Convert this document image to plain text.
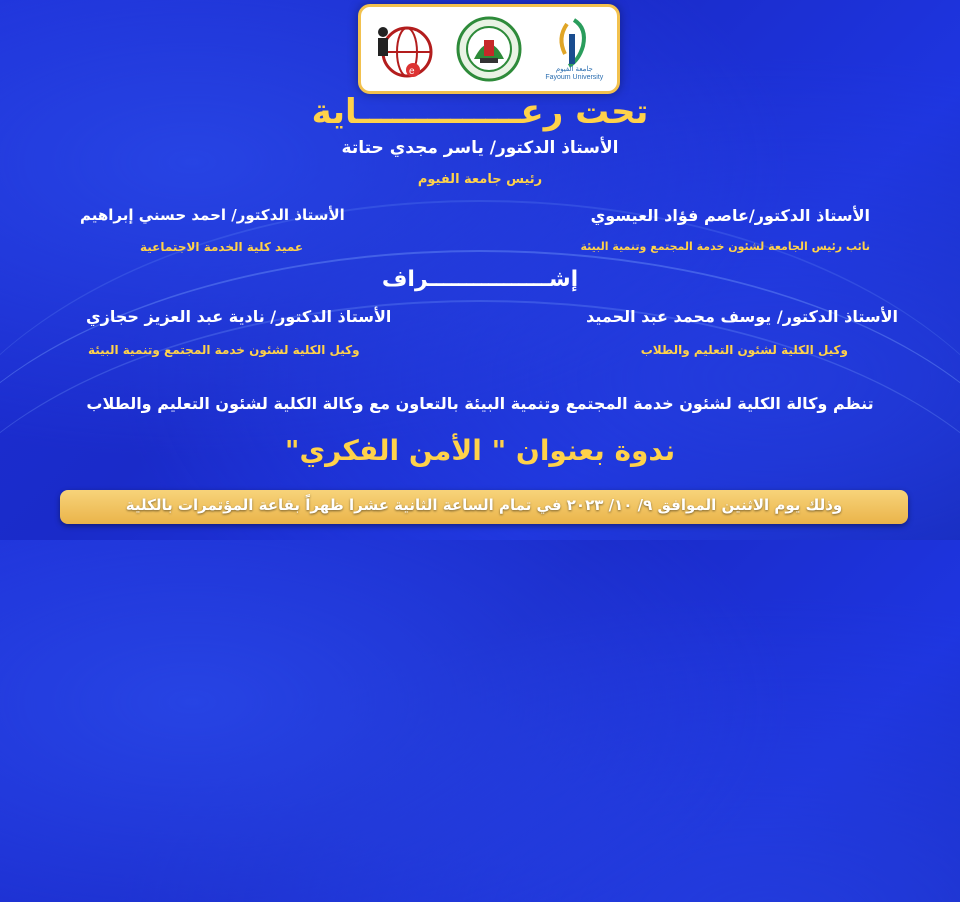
e	جامعة الفيوم
Fayoum University
تحت رعــــــــــــــاية
الأستاذ الدكتور/ ياسر مجدي حتاتة
رئيس جامعة الفيوم
الأستاذ الدكتور/عاصم فؤاد العيسوي
نائب رئيس الجامعة لشئون خدمة المجتمع وتنمية البيئة
الأستاذ الدكتور/ احمد حسني إبراهيم
عميد كلية الخدمة الاجتماعية
إشــــــــــــــــراف
الأستاذ الدكتور/ يوسف محمد عبد الحميد
وكيل الكلية لشئون التعليم والطلاب
الأستاذ الدكتور/ نادية عبد العزيز حجازي
وكيل الكلية لشئون خدمة المجتمع وتنمية البيئة
تنظم وكالة الكلية لشئون خدمة المجتمع وتنمية البيئة بالتعاون مع وكالة الكلية لشئون التعليم والطلاب
ندوة بعنوان " الأمن الفكري"
وذلك يوم الاثنين الموافق ٩/ ١٠/ ٢٠٢٣ في تمام الساعة الثانية عشرا ظهراً بقاعة المؤتمرات بالكلية
